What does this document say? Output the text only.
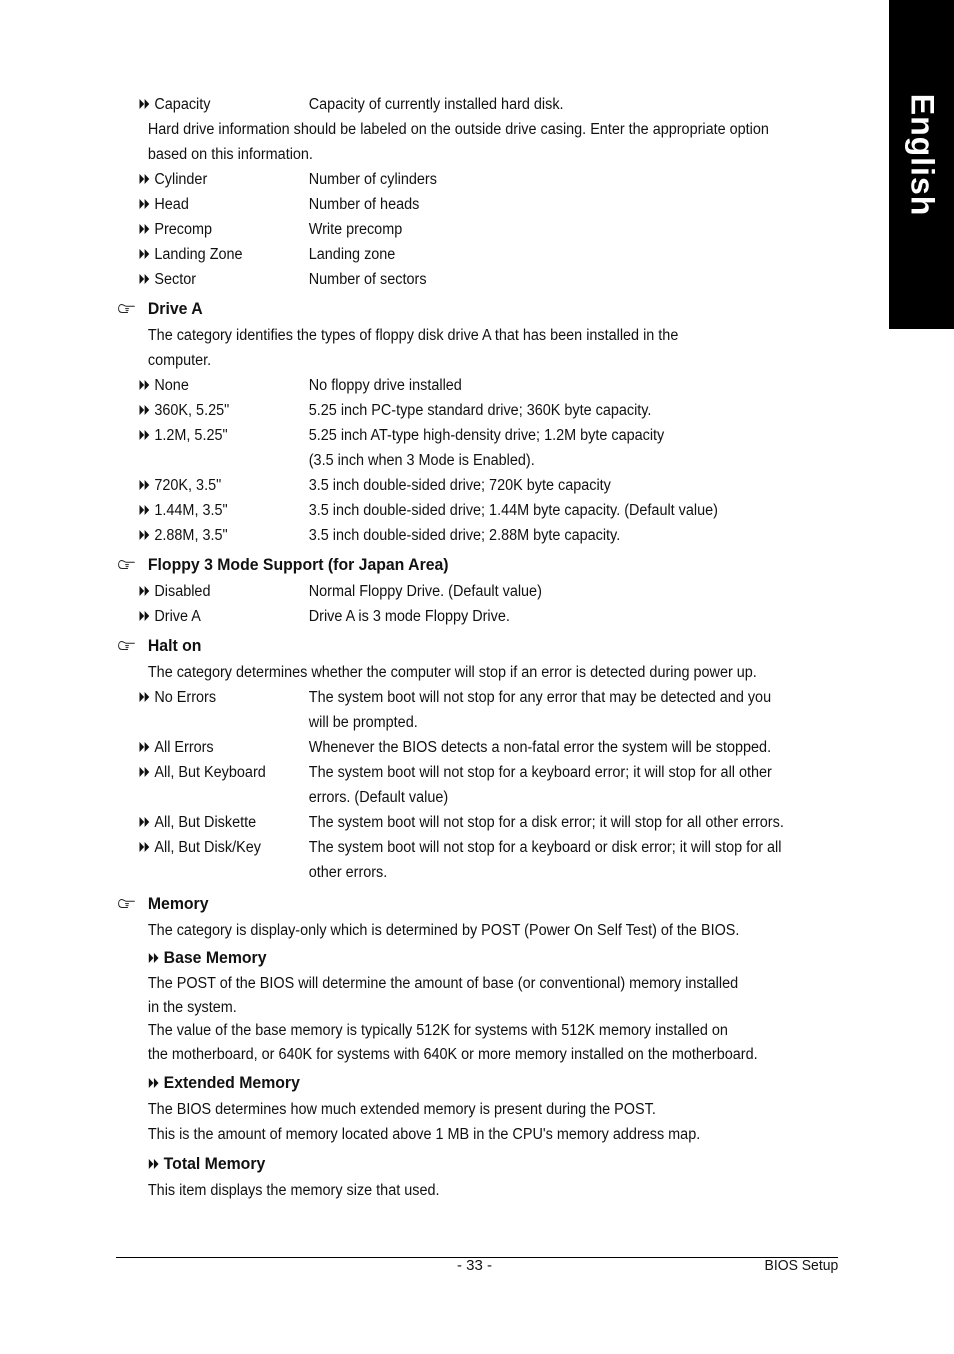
English
Capacity	Capacity of currently installed hard disk.
Hard drive information should be labeled on the outside drive casing. Enter the appropriate option
based on this information.
Cylinder	Number of cylinders
Head	Number of heads
Precomp	Write precomp
Landing Zone	Landing zone
Sector	Number of sectors
Drive A
The category identifies the types of floppy disk drive A that has been installed in the
computer.
None	No floppy drive installed
360K, 5.25"	5.25 inch PC-type standard drive; 360K byte capacity.
1.2M, 5.25"	5.25 inch AT-type high-density drive; 1.2M byte capacity
(3.5 inch when 3 Mode is Enabled).
720K, 3.5"	3.5 inch double-sided drive; 720K byte capacity
1.44M, 3.5"	3.5 inch double-sided drive; 1.44M byte capacity. (Default value)
2.88M, 3.5"	3.5 inch double-sided drive; 2.88M byte capacity.
Floppy 3 Mode Support (for Japan Area)
Disabled	Normal Floppy Drive. (Default value)
Drive A	Drive A is 3 mode Floppy Drive.
Halt on
The category determines whether the computer will stop if an error is detected during power up.
No Errors	The system boot will not stop for any error that may be detected and you
will be prompted.
All Errors	Whenever the BIOS detects a non-fatal error the system will be stopped.
All, But Keyboard	The system boot will not stop for a keyboard error; it will stop for all other
errors. (Default value)
All, But Diskette	The system boot will not stop for a disk error; it will stop for all other errors.
All, But Disk/Key	The system boot will not stop for a keyboard or disk error; it will stop for all
other errors.
Memory
The category is display-only which is determined by POST (Power On Self Test) of the BIOS.
Base Memory
The POST of the BIOS will determine the amount of base (or conventional) memory installed
in the system.
The value of the base memory is typically 512K for systems with 512K memory installed on
the motherboard, or 640K for systems with 640K or more memory installed on the motherboard.
Extended Memory
The BIOS determines how much extended memory is present during the POST.
This is the amount of memory located above 1 MB in the CPU's memory address map.
Total Memory
This item displays the memory size that used.
- 33 -	BIOS Setup
